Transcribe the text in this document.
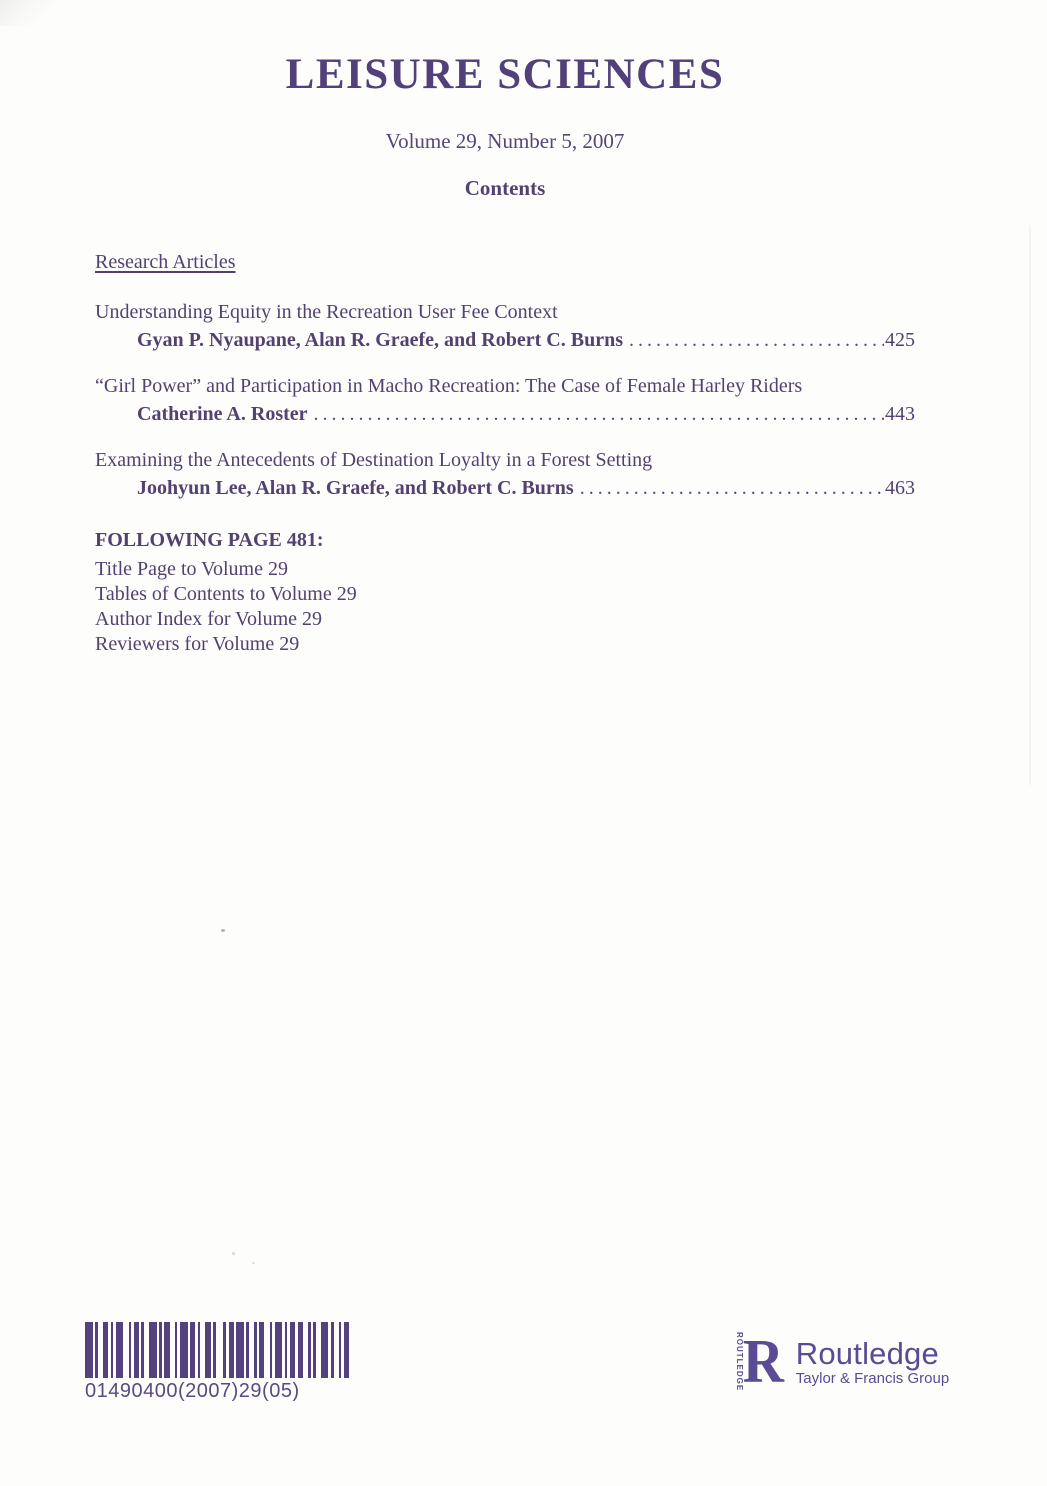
LEISURE SCIENCES
Volume 29, Number 5, 2007
Contents
Research Articles
Understanding Equity in the Recreation User Fee Context
Gyan P. Nyaupane, Alan R. Graefe, and Robert C. Burns .....	425
“Girl Power” and Participation in Macho Recreation: The Case of Female Harley Riders
Catherine A. Roster .....	443
Examining the Antecedents of Destination Loyalty in a Forest Setting
Joohyun Lee, Alan R. Graefe, and Robert C. Burns .....	463
FOLLOWING PAGE 481:
Title Page to Volume 29
Tables of Contents to Volume 29
Author Index for Volume 29
Reviewers for Volume 29
01490400(2007)29(05)	ROUTLEDGE
R Routledge
Taylor & Francis Group
